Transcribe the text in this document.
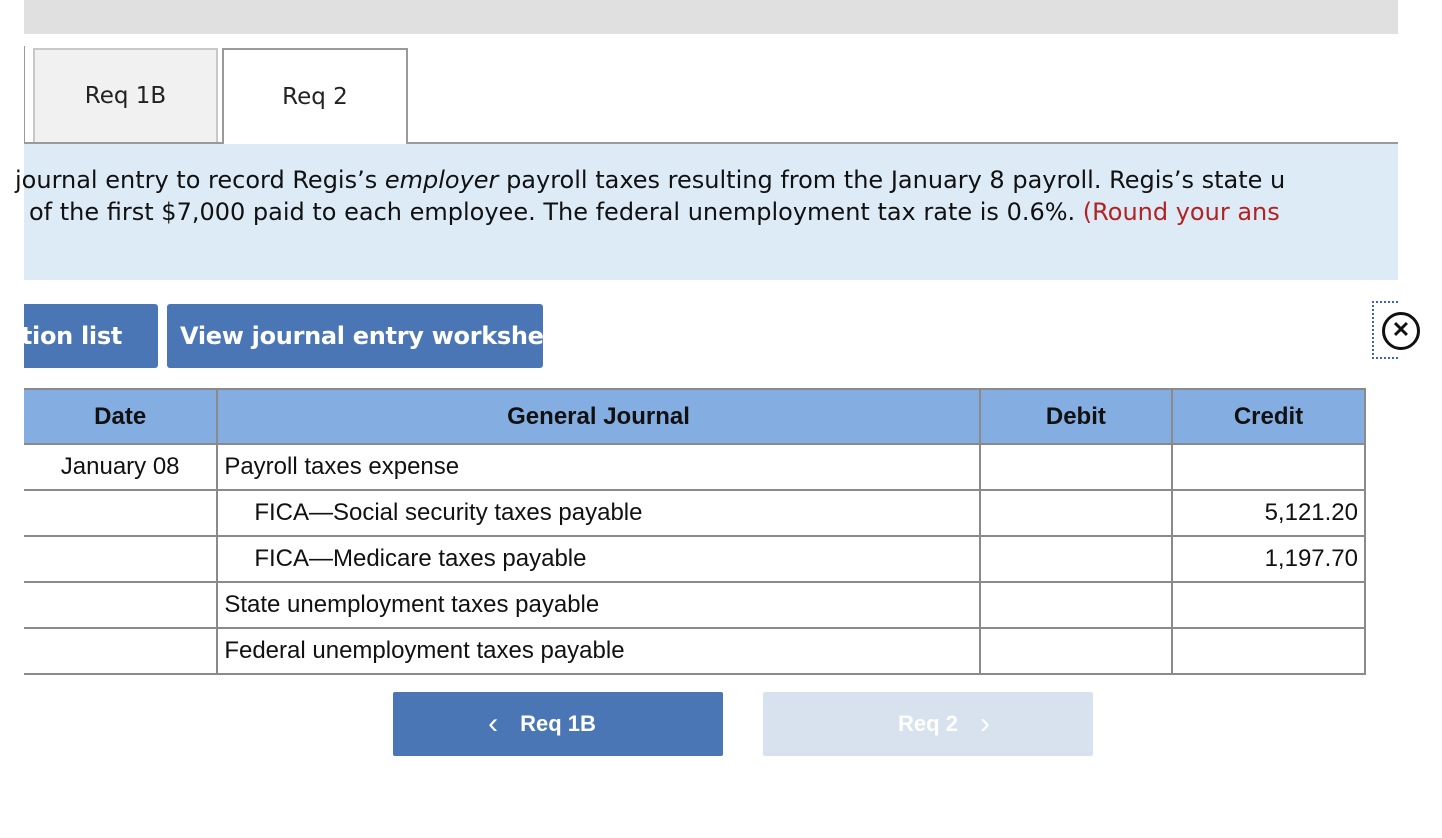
Req 1B	Req 2

journal entry to record Regis’s employer payroll taxes resulting from the January 8 payroll. Regis’s state u

of the first $7,000 paid to each employee. The federal unemployment tax rate is 0.6%. (Round your ans

ction list View journal entry worksheet	✕
Date	General Journal	Debit	Credit
January 08	Payroll taxes expense		
	FICA—Social security taxes payable		5,121.20
	FICA—Medicare taxes payable		1,197.70
	State unemployment taxes payable		
	Federal unemployment taxes payable		
‹ Req 1B	Req 2 ›
